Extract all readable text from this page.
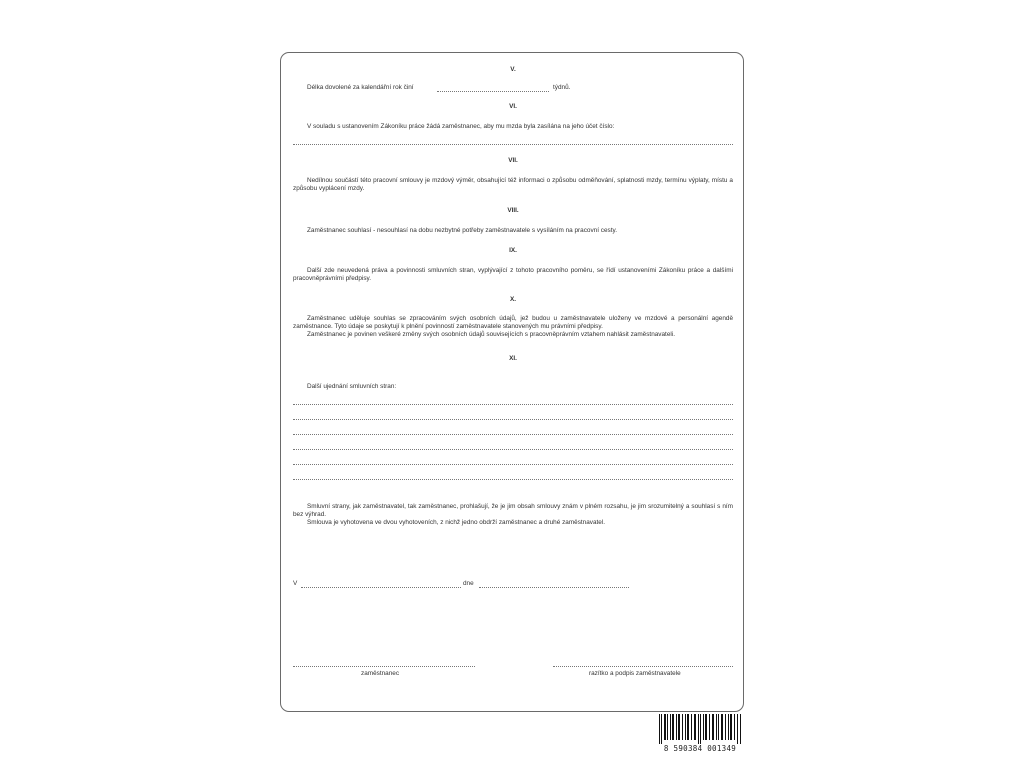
V.
Délka dovolené za kalendářní rok činí	týdnů.
VI.
V souladu s ustanovením Zákoníku práce žádá zaměstnanec, aby mu mzda byla zasílána na jeho účet číslo:
VII.

Nedílnou součástí této pracovní smlouvy je mzdový výměr, obsahující též informaci o způsobu odměňování, splatnosti mzdy, termínu výplaty, místu a způsobu vyplácení mzdy.

VIII.
Zaměstnanec souhlasí - nesouhlasí na dobu nezbytné potřeby zaměstnavatele s vysíláním na pracovní cesty.
IX.

Další zde neuvedená práva a povinnosti smluvních stran, vyplývající z tohoto pracovního poměru, se řídí ustanoveními Zákoníku práce a dalšími pracovněprávními předpisy.

X.

Zaměstnanec uděluje souhlas se zpracováním svých osobních údajů, jež budou u zaměstnavatele uloženy ve mzdové a personální agendě zaměstnance. Tyto údaje se poskytují k plnění povinností zaměstnavatele stanovených mu právními předpisy.

Zaměstnanec je povinen veškeré změny svých osobních údajů souvisejících s pracovněprávním vztahem nahlásit zaměstnavateli.

XI.
Další ujednání smluvních stran:

Smluvní strany, jak zaměstnavatel, tak zaměstnanec, prohlašují, že je jim obsah smlouvy znám v plném rozsahu, je jim srozumitelný a souhlasí s ním bez výhrad.

Smlouva je vyhotovena ve dvou vyhotoveních, z nichž jedno obdrží zaměstnanec a druhé zaměstnavatel.

V	dne
zaměstnanec	razítko a podpis zaměstnavatele
8 590384 001349
